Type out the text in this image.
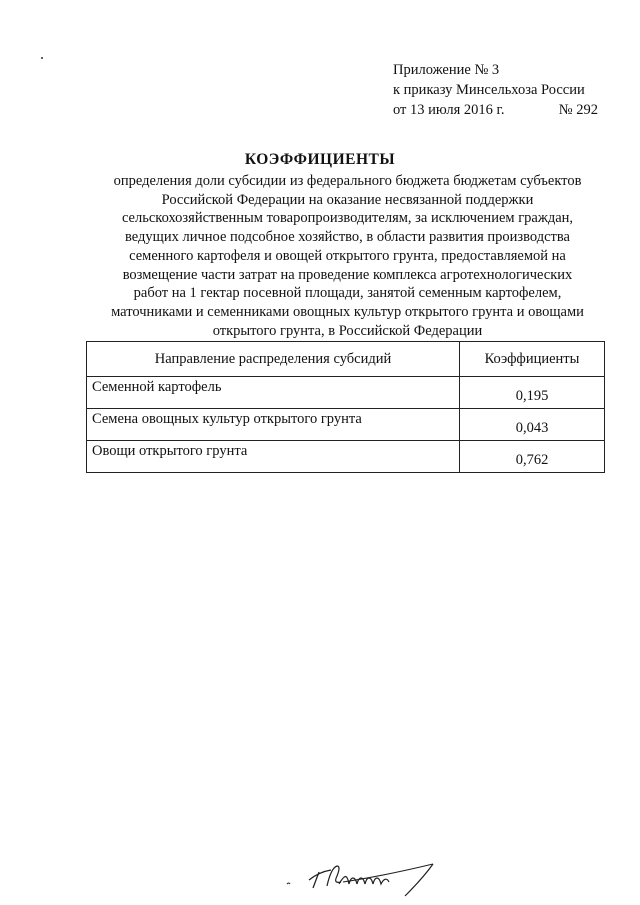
Приложение № 3
к приказу Минсельхоза России
от 13 июля 2016 г.	№ 292
КОЭФФИЦИЕНТЫ
определения доли субсидии из федерального бюджета бюджетам субъектов
Российской Федерации на оказание несвязанной поддержки
сельскохозяйственным товаропроизводителям, за исключением граждан,
ведущих личное подсобное хозяйство, в области развития производства
семенного картофеля и овощей открытого грунта, предоставляемой на
возмещение части затрат на проведение комплекса агротехнологических
работ на 1 гектар посевной площади, занятой семенным картофелем,
маточниками и семенниками овощных культур открытого грунта и овощами
открытого грунта, в Российской Федерации
Направление распределения субсидий	Коэффициенты
Семенной картофель	0,195
Семена овощных культур открытого грунта	0,043
Овощи открытого грунта	0,762
